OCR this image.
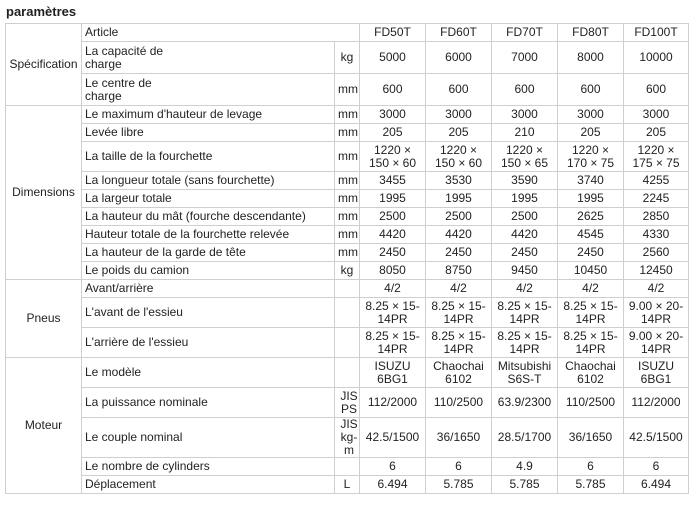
paramètres
Spécification	Article		FD50T	FD60T	FD70T	FD80T	FD100T
	La capacité de charge	kg	5000	6000	7000	8000	10000
	Le centre de charge	mm	600	600	600	600	600
Dimensions	Le maximum d'hauteur de levage	mm	3000	3000	3000	3000	3000
	Levée libre	mm	205	205	210	205	205
	La taille de la fourchette	mm	1220 × 150 × 60	1220 × 150 × 60	1220 × 150 × 65	1220 × 170 × 75	1220 × 175 × 75
	La longueur totale (sans fourchette)	mm	3455	3530	3590	3740	4255
	La largeur totale	mm	1995	1995	1995	1995	2245
	La hauteur du mât (fourche descendante)	mm	2500	2500	2500	2625	2850
	Hauteur totale de la fourchette relevée	mm	4420	4420	4420	4545	4330
	La hauteur de la garde de tête	mm	2450	2450	2450	2450	2560
	Le poids du camion	kg	8050	8750	9450	10450	12450
Pneus	Avant/arrière		4/2	4/2	4/2	4/2	4/2
	L'avant de l'essieu		8.25 × 15-14PR	8.25 × 15-14PR	8.25 × 15-14PR	8.25 × 15-14PR	9.00 × 20-14PR
	L'arrière de l'essieu		8.25 × 15-14PR	8.25 × 15-14PR	8.25 × 15-14PR	8.25 × 15-14PR	9.00 × 20-14PR
Moteur	Le modèle		ISUZU 6BG1	Chaochai 6102	Mitsubishi S6S-T	Chaochai 6102	ISUZU 6BG1
	La puissance nominale	JIS PS	112/2000	110/2500	63.9/2300	110/2500	112/2000
	Le couple nominal	JIS kg-m	42.5/1500	36/1650	28.5/1700	36/1650	42.5/1500
	Le nombre de cylinders		6	6	4.9	6	6
	Déplacement	L	6.494	5.785	5.785	5.785	6.494
